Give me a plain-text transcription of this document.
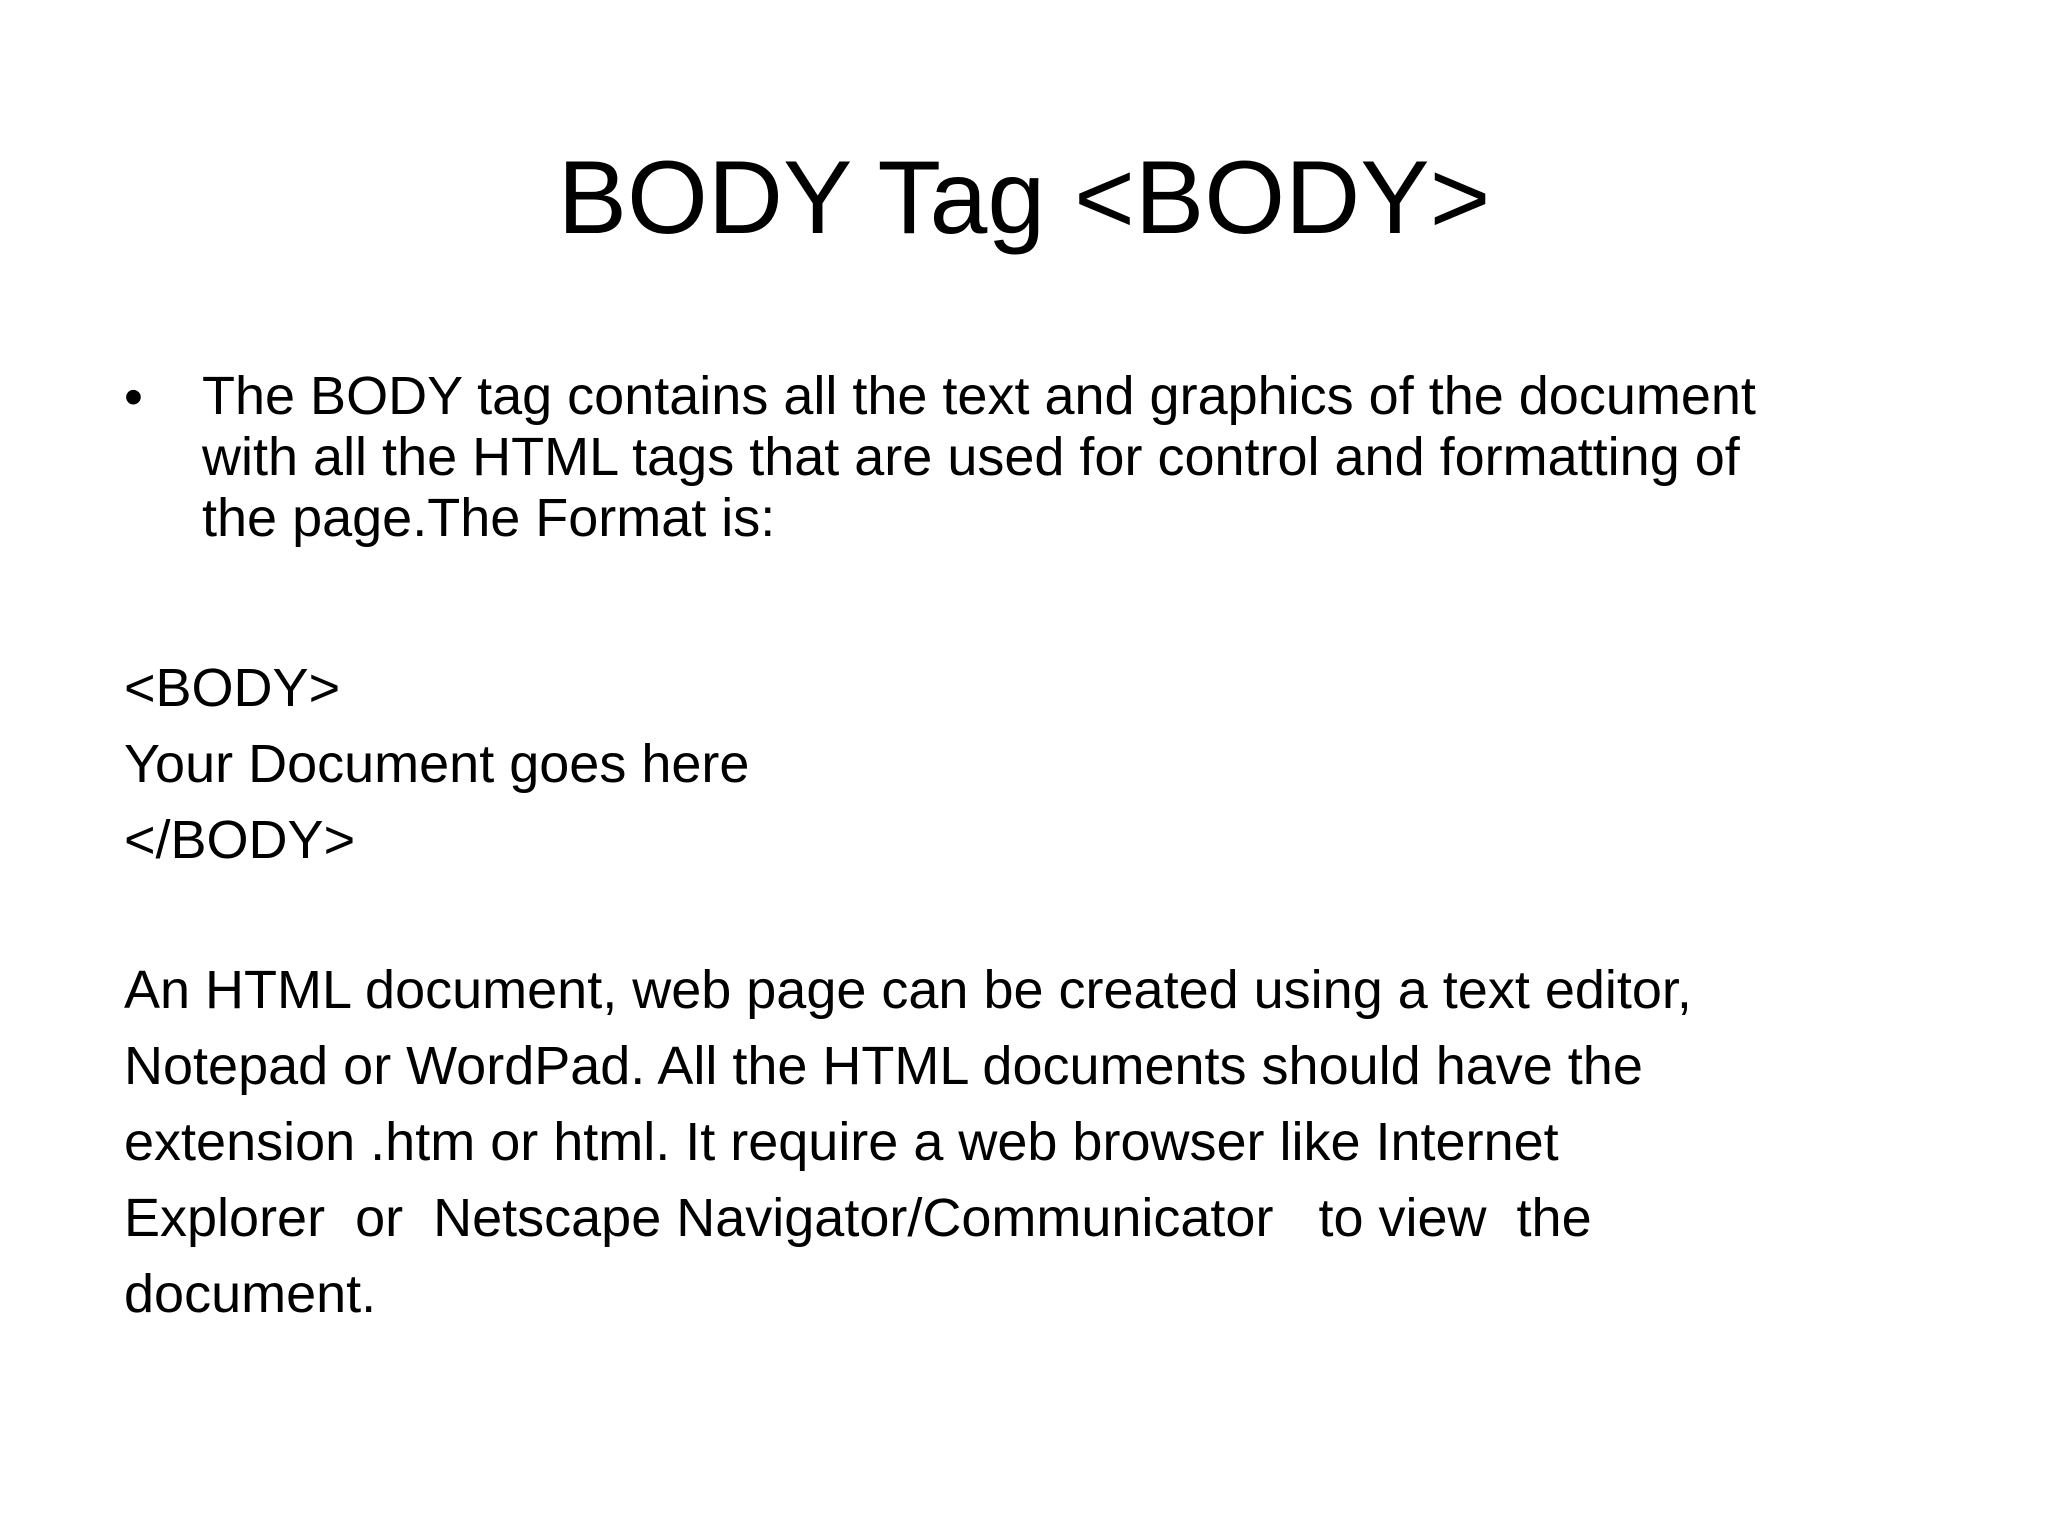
BODY Tag <BODY>
• The BODY tag contains all the text and graphics of the document
with all the HTML tags that are used for control and formatting of
the page.The Format is:
<BODY>
Your Document goes here
</BODY>
An HTML document, web page can be created using a text editor,
Notepad or WordPad. All the HTML documents should have the
extension .htm or html. It require a web browser like Internet
Explorer  or  Netscape Navigator/Communicator   to view  the
document.
